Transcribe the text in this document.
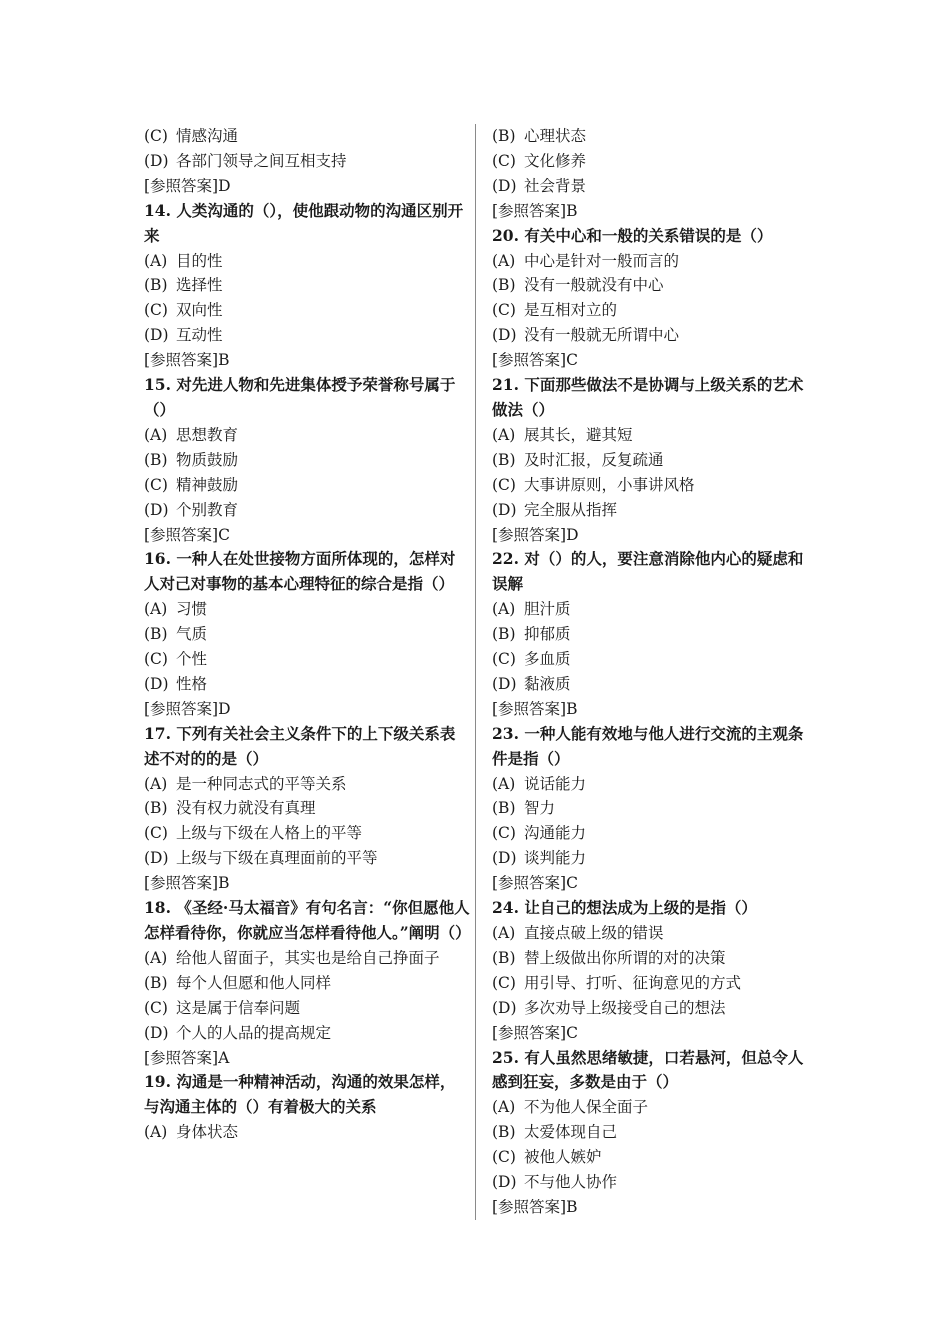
(C) 情感沟通
(D) 各部门领导之间互相支持
[参照答案]D
14. 人类沟通的（），使他跟动物的沟通区别开来
(A) 目的性
(B) 选择性
(C) 双向性
(D) 互动性
[参照答案]B
15. 对先进人物和先进集体授予荣誉称号属于（）
(A) 思想教育
(B) 物质鼓励
(C) 精神鼓励
(D) 个别教育
[参照答案]C
16. 一种人在处世接物方面所体现的，怎样对人对己对事物的基本心理特征的综合是指（）
(A) 习惯
(B) 气质
(C) 个性
(D) 性格
[参照答案]D
17. 下列有关社会主义条件下的上下级关系表述不对的的是（）
(A) 是一种同志式的平等关系
(B) 没有权力就没有真理
(C) 上级与下级在人格上的平等
(D) 上级与下级在真理面前的平等
[参照答案]B
18. 《圣经·马太福音》有句名言：“你但愿他人怎样看待你，你就应当怎样看待他人。”阐明（）
(A) 给他人留面子，其实也是给自己挣面子
(B) 每个人但愿和他人同样
(C) 这是属于信奉问题
(D) 个人的人品的提高规定
[参照答案]A
19. 沟通是一种精神活动，沟通的效果怎样，与沟通主体的（）有着极大的关系
(A) 身体状态
(B) 心理状态
(C) 文化修养
(D) 社会背景
[参照答案]B
20. 有关中心和一般的关系错误的是（）
(A) 中心是针对一般而言的
(B) 没有一般就没有中心
(C) 是互相对立的
(D) 没有一般就无所谓中心
[参照答案]C
21. 下面那些做法不是协调与上级关系的艺术做法（）
(A) 展其长，避其短
(B) 及时汇报，反复疏通
(C) 大事讲原则，小事讲风格
(D) 完全服从指挥
[参照答案]D
22. 对（）的人，要注意消除他内心的疑虑和误解
(A) 胆汁质
(B) 抑郁质
(C) 多血质
(D) 黏液质
[参照答案]B
23. 一种人能有效地与他人进行交流的主观条件是指（）
(A) 说话能力
(B) 智力
(C) 沟通能力
(D) 谈判能力
[参照答案]C
24. 让自己的想法成为上级的是指（）
(A) 直接点破上级的错误
(B) 替上级做出你所谓的对的决策
(C) 用引导、打听、征询意见的方式
(D) 多次劝导上级接受自己的想法
[参照答案]C
25. 有人虽然思绪敏捷，口若悬河，但总令人感到狂妄，多数是由于（）
(A) 不为他人保全面子
(B) 太爱体现自己
(C) 被他人嫉妒
(D) 不与他人协作
[参照答案]B
